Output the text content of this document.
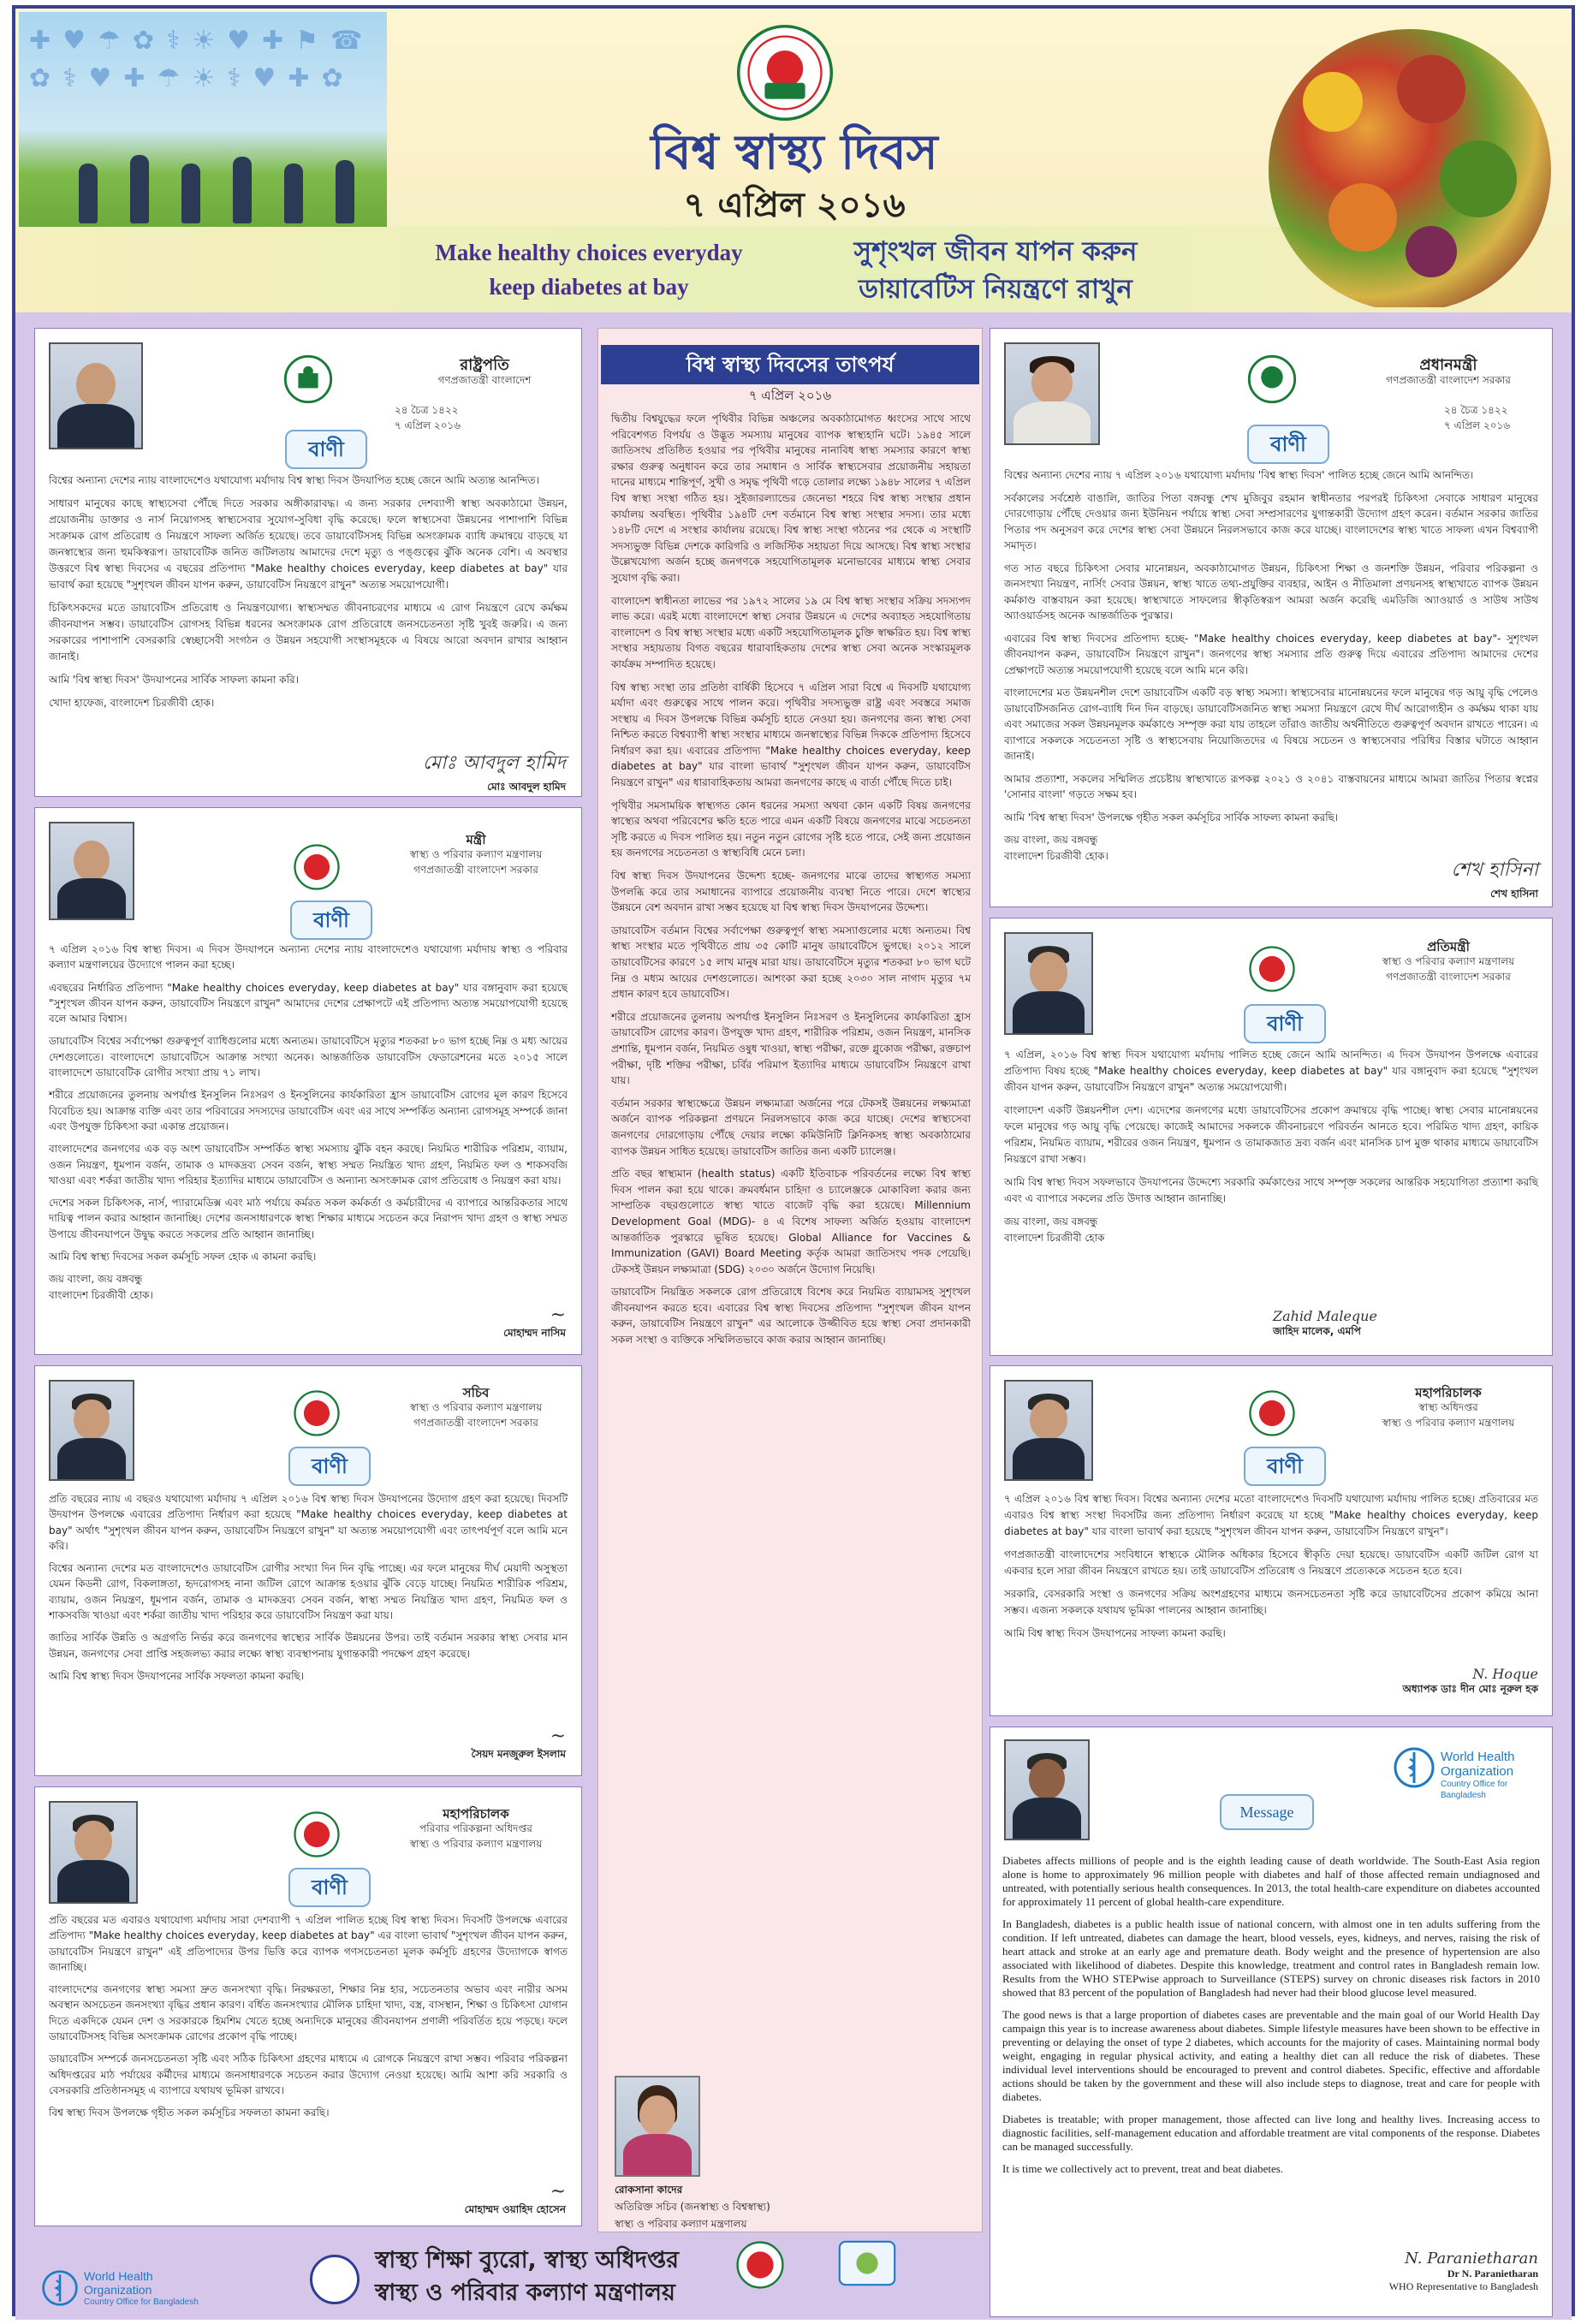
✚♥☂✿⚕☀♥✚⚑☎✿⚕♥✚☂☀⚕♥✚✿
বিশ্ব স্বাস্থ্য দিবস
৭ এপ্রিল ২০১৬
Make healthy choices everyday
keep diabetes at bay
সুশৃংখল জীবন যাপন করুন
ডায়াবেটিস নিয়ন্ত্রণে রাখুন
রাষ্ট্রপতি
গণপ্রজাতন্ত্রী বাংলাদেশ
২৪ চৈত্র ১৪২২
৭ এপ্রিল ২০১৬
বাণী

বিশ্বের অন্যান্য দেশের ন্যায় বাংলাদেশেও যথাযোগ্য মর্যাদায় বিশ্ব স্বাস্থ্য দিবস উদযাপিত হচ্ছে জেনে আমি অত্যন্ত আনন্দিত।

সাধারণ মানুষের কাছে স্বাস্থ্যসেবা পৌঁছে দিতে সরকার অঙ্গীকারাবদ্ধ। এ জন্য সরকার দেশব্যাপী স্বাস্থ্য অবকাঠামো উন্নয়ন, প্রয়োজনীয় ডাক্তার ও নার্স নিয়োগসহ স্বাস্থ্যসেবার সুযোগ-সুবিধা বৃদ্ধি করেছে। ফলে স্বাস্থ্যসেবা উন্নয়নের পাশাপাশি বিভিন্ন সংক্রামক রোগ প্রতিরোধ ও নিয়ন্ত্রণে সাফল্য অর্জিত হয়েছে। তবে ডায়াবেটিসসহ বিভিন্ন অসংক্রামক ব্যাধি ক্রমান্বয়ে বাড়ছে যা জনস্বাস্থ্যের জন্য হুমকিস্বরূপ। ডায়াবেটিক জনিত জটিলতায় আমাদের দেশে মৃত্যু ও পঙ্গুত্বের ঝুঁকি অনেক বেশি। এ অবস্থার উত্তরণে বিশ্ব স্বাস্থ্য দিবসের এ বছরের প্রতিপাদ্য "Make healthy choices everyday, keep diabetes at bay" যার ভাবার্থ করা হয়েছে "সুশৃংখল জীবন যাপন করুন, ডায়াবেটিস নিয়ন্ত্রণে রাখুন" অত্যন্ত সময়োপযোগী।

চিকিৎসকদের মতে ডায়াবেটিস প্রতিরোধ ও নিয়ন্ত্রণযোগ্য। স্বাস্থ্যসম্মত জীবনাচরণের মাধ্যমে এ রোগ নিয়ন্ত্রণে রেখে কর্মক্ষম জীবনযাপন সম্ভব। ডায়াবেটিস রোগসহ বিভিন্ন ধরনের অসংক্রামক রোগ প্রতিরোধে জনসচেতনতা সৃষ্টি খুবই জরুরি। এ জন্য সরকারের পাশাপাশি বেসরকারি স্বেচ্ছাসেবী সংগঠন ও উন্নয়ন সহযোগী সংস্থাসমূহকে এ বিষয়ে আরো অবদান রাখার আহ্বান জানাই।

আমি 'বিশ্ব স্বাস্থ্য দিবস' উদযাপনের সার্বিক সাফল্য কামনা করি।

খোদা হাফেজ, বাংলাদেশ চিরজীবী হোক।

মোঃ আবদুল হামিদ
মোঃ আবদুল হামিদ
বিশ্ব স্বাস্থ্য দিবসের তাৎপর্য
৭ এপ্রিল ২০১৬

দ্বিতীয় বিশ্বযুদ্ধের ফলে পৃথিবীর বিভিন্ন অঞ্চলের অবকাঠামোগত ধ্বংসের সাথে সাথে পরিবেশগত বিপর্যয় ও উদ্ভূত সমস্যায় মানুষের ব্যাপক স্বাস্থ্যহানি ঘটে। ১৯৪৫ সালে জাতিসংঘ প্রতিষ্ঠিত হওয়ার পর পৃথিবীর মানুষের নানাবিধ স্বাস্থ্য সমস্যার কারণে স্বাস্থ্য রক্ষার গুরুত্ব অনুধাবন করে তার সমাধান ও সার্বিক স্বাস্থ্যসেবার প্রয়োজনীয় সহায়তা দানের মাধ্যমে শান্তিপূর্ণ, সুখী ও সমৃদ্ধ পৃথিবী গড়ে তোলার লক্ষ্যে ১৯৪৮ সালের ৭ এপ্রিল বিশ্ব স্বাস্থ্য সংস্থা গঠিত হয়। সুইজারল্যান্ডের জেনেভা শহরে বিশ্ব স্বাস্থ্য সংস্থার প্রধান কার্যালয় অবস্থিত। পৃথিবীর ১৯৪টি দেশ বর্তমানে বিশ্ব স্বাস্থ্য সংস্থার সদস্য। তার মধ্যে ১৪৮টি দেশে এ সংস্থার কার্যালয় রয়েছে। বিশ্ব স্বাস্থ্য সংস্থা গঠনের পর থেকে এ সংস্থাটি সদস্যভুক্ত বিভিন্ন দেশকে কারিগরি ও লজিস্টিক সহায়তা দিয়ে আসছে। বিশ্ব স্বাস্থ্য সংস্থার উল্লেখযোগ্য অর্জন হচ্ছে জনগণকে সহযোগিতামূলক মনোভাবের মাধ্যমে স্বাস্থ্য সেবার সুযোগ বৃদ্ধি করা।

বাংলাদেশ স্বাধীনতা লাভের পর ১৯৭২ সালের ১৯ মে বিশ্ব স্বাস্থ্য সংস্থার সক্রিয় সদস্যপদ লাভ করে। এরই মধ্যে বাংলাদেশে স্বাস্থ্য সেবার উন্নয়নে এ দেশের অব্যাহত সহযোগিতায় বাংলাদেশ ও বিশ্ব স্বাস্থ্য সংস্থার মধ্যে একটি সহযোগিতামূলক চুক্তি স্বাক্ষরিত হয়। বিশ্ব স্বাস্থ্য সংস্থার সহায়তায় বিগত বছরের ধারাবাহিকতায় দেশের স্বাস্থ্য সেবা অনেক সংস্কারমূলক কার্যক্রম সম্পাদিত হয়েছে।

বিশ্ব স্বাস্থ্য সংস্থা তার প্রতিষ্ঠা বার্ষিকী হিসেবে ৭ এপ্রিল সারা বিশ্বে এ দিবসটি যথাযোগ্য মর্যাদা এবং গুরুত্বের সাথে পালন করে। পৃথিবীর সদস্যভুক্ত রাষ্ট্র এবং সবস্তরে সমাজ সংস্থায় এ দিবস উপলক্ষে বিভিন্ন কর্মসূচি হাতে নেওয়া হয়। জনগণের জন্য স্বাস্থ্য সেবা নিশ্চিত করতে বিশ্বব্যাপী স্বাস্থ্য সংস্থার মাধ্যমে জনস্বাস্থ্যের বিভিন্ন দিককে প্রতিপাদ্য হিসেবে নির্ধারণ করা হয়। এবারের প্রতিপাদ্য "Make healthy choices everyday, keep diabetes at bay" যার বাংলা ভাবার্থ "সুশৃংখল জীবন যাপন করুন, ডায়াবেটিস নিয়ন্ত্রণে রাখুন" এর ধারাবাহিকতায় আমরা জনগণের কাছে এ বার্তা পৌঁছে দিতে চাই।

পৃথিবীর সমসাময়িক স্বাস্থ্যগত কোন ধরনের সমস্যা অথবা কোন একটি বিষয় জনগণের স্বাস্থ্যের অথবা পরিবেশের ক্ষতি হতে পারে এমন একটি বিষয়ে জনগণের মাঝে সচেতনতা সৃষ্টি করতে এ দিবস পালিত হয়। নতুন নতুন রোগের সৃষ্টি হতে পারে, সেই জন্য প্রয়োজন হয় জনগণের সচেতনতা ও স্বাস্থ্যবিধি মেনে চলা।

বিশ্ব স্বাস্থ্য দিবস উদযাপনের উদ্দেশ্য হচ্ছে- জনগণের মাঝে তাদের স্বাস্থ্যগত সমস্যা উপলব্ধি করে তার সমাধানের ব্যাপারে প্রয়োজনীয় ব্যবস্থা নিতে পারে। দেশে স্বাস্থ্যের উন্নয়নে বেশ অবদান রাখা সম্ভব হয়েছে যা বিশ্ব স্বাস্থ্য দিবস উদযাপনের উদ্দেশ্য।

ডায়াবেটিস বর্তমান বিশ্বের সর্বাপেক্ষা গুরুত্বপূর্ণ স্বাস্থ্য সমস্যাগুলোর মধ্যে অন্যতম। বিশ্ব স্বাস্থ্য সংস্থার মতে পৃথিবীতে প্রায় ৩৫ কোটি মানুষ ডায়াবেটিসে ভুগছে। ২০১২ সালে ডায়াবেটিসের কারণে ১৫ লাখ মানুষ মারা যায়। ডায়াবেটিসে মৃত্যুর শতকরা ৮০ ভাগ ঘটে নিম্ন ও মধ্যম আয়ের দেশগুলোতে। আশংকা করা হচ্ছে ২০৩০ সাল নাগাদ মৃত্যুর ৭ম প্রধান কারণ হবে ডায়াবেটিস।

শরীরে প্রয়োজনের তুলনায় অপর্যাপ্ত ইনসুলিন নিঃসরণ ও ইনসুলিনের কার্যকারিতা হ্রাস ডায়াবেটিস রোগের কারণ। উপযুক্ত খাদ্য গ্রহণ, শারীরিক পরিশ্রম, ওজন নিয়ন্ত্রণ, মানসিক প্রশান্তি, ধূমপান বর্জন, নিয়মিত ওষুধ খাওয়া, স্বাস্থ্য পরীক্ষা, রক্তে গ্লুকোজ পরীক্ষা, রক্তচাপ পরীক্ষা, দৃষ্টি শক্তির পরীক্ষা, চর্বির পরিমাপ ইত্যাদির মাধ্যমে ডায়াবেটিস নিয়ন্ত্রণে রাখা যায়।

বর্তমান সরকার স্বাস্থ্যক্ষেত্রে উন্নয়ন লক্ষ্যমাত্রা অর্জনের পরে টেকসই উন্নয়নের লক্ষ্যমাত্রা অর্জনে ব্যাপক পরিকল্পনা প্রণয়নে নিরলসভাবে কাজ করে যাচ্ছে। দেশের স্বাস্থ্যসেবা জনগণের দোরগোড়ায় পৌঁছে দেয়ার লক্ষ্যে কমিউনিটি ক্লিনিকসহ স্বাস্থ্য অবকাঠামোর ব্যাপক উন্নয়ন সাধিত হয়েছে। ডায়াবেটিস জাতির জন্য একটি চ্যালেঞ্জ।

প্রতি বছর স্বাস্থ্যমান (health status) একটি ইতিবাচক পরিবর্তনের লক্ষ্যে বিশ্ব স্বাস্থ্য দিবস পালন করা হয়ে থাকে। ক্রমবর্ধমান চাহিদা ও চ্যালেঞ্জকে মোকাবিলা করার জন্য সাম্প্রতিক বছরগুলোতে স্বাস্থ্য খাতে বাজেট বৃদ্ধি করা হয়েছে। Millennium Development Goal (MDG)- ৪ এ বিশেষ সাফল্য অর্জিত হওয়ায় বাংলাদেশ আন্তর্জাতিক পুরস্কারে ভূষিত হয়েছে। Global Alliance for Vaccines & Immunization (GAVI) Board Meeting কর্তৃক আমরা জাতিসংঘ পদক পেয়েছি। টেকসই উন্নয়ন লক্ষ্যমাত্রা (SDG) ২০৩০ অর্জনে উদ্যোগ নিয়েছি।

ডায়াবেটিস নিয়ন্ত্রিত সকলকে রোগ প্রতিরোধে বিশেষ করে নিয়মিত ব্যায়ামসহ সুশৃংখল জীবনযাপন করতে হবে। এবারের বিশ্ব স্বাস্থ্য দিবসের প্রতিপাদ্য "সুশৃংখল জীবন যাপন করুন, ডায়াবেটিস নিয়ন্ত্রণে রাখুন" এর আলোকে উজ্জীবিত হয়ে স্বাস্থ্য সেবা প্রদানকারী সকল সংস্থা ও ব্যক্তিকে সম্মিলিতভাবে কাজ করার আহ্বান জানাচ্ছি।

রোকসানা কাদের
অতিরিক্ত সচিব (জনস্বাস্থ্য ও বিশ্বস্বাস্থ্য)
স্বাস্থ্য ও পরিবার কল্যাণ মন্ত্রণালয়
প্রধানমন্ত্রী
গণপ্রজাতন্ত্রী বাংলাদেশ সরকার
২৪ চৈত্র ১৪২২
৭ এপ্রিল ২০১৬
বাণী

বিশ্বের অন্যান্য দেশের ন্যায় ৭ এপ্রিল ২০১৬ যথাযোগ্য মর্যাদায় 'বিশ্ব স্বাস্থ্য দিবস' পালিত হচ্ছে জেনে আমি আনন্দিত।

সর্বকালের সর্বশ্রেষ্ঠ বাঙালি, জাতির পিতা বঙ্গবন্ধু শেখ মুজিবুর রহমান স্বাধীনতার পরপরই চিকিৎসা সেবাকে সাধারণ মানুষের দোরগোড়ায় পৌঁছে দেওয়ার জন্য ইউনিয়ন পর্যায়ে স্বাস্থ্য সেবা সম্প্রসারণের যুগান্তকারী উদ্যোগ গ্রহণ করেন। বর্তমান সরকার জাতির পিতার পদ অনুসরণ করে দেশের স্বাস্থ্য সেবা উন্নয়নে নিরলসভাবে কাজ করে যাচ্ছে। বাংলাদেশের স্বাস্থ্য খাতে সাফল্য এখন বিশ্বব্যাপী সমাদৃত।

গত সাত বছরে চিকিৎসা সেবার মানোন্নয়ন, অবকাঠামোগত উন্নয়ন, চিকিৎসা শিক্ষা ও জনশক্তি উন্নয়ন, পরিবার পরিকল্পনা ও জনসংখ্যা নিয়ন্ত্রণ, নার্সিং সেবার উন্নয়ন, স্বাস্থ্য খাতে তথ্য-প্রযুক্তির ব্যবহার, আইন ও নীতিমালা প্রণয়নসহ স্বাস্থ্যখাতে ব্যাপক উন্নয়ন কর্মকাণ্ড বাস্তবায়ন করা হয়েছে। স্বাস্থ্যখাতে সাফল্যের স্বীকৃতিস্বরূপ আমরা অর্জন করেছি এমডিজি অ্যাওয়ার্ড ও সাউথ সাউথ অ্যাওয়ার্ডসহ অনেক আন্তর্জাতিক পুরস্কার।

এবারের বিশ্ব স্বাস্থ্য দিবসের প্রতিপাদ্য হচ্ছে- "Make healthy choices everyday, keep diabetes at bay"- সুশৃংখল জীবনযাপন করুন, ডায়াবেটিস নিয়ন্ত্রণে রাখুন"। জনগণের স্বাস্থ্য সমস্যার প্রতি গুরুত্ব দিয়ে এবারের প্রতিপাদ্য আমাদের দেশের প্রেক্ষাপটে অত্যন্ত সময়োপযোগী হয়েছে বলে আমি মনে করি।

বাংলাদেশের মত উন্নয়নশীল দেশে ডায়াবেটিস একটি বড় স্বাস্থ্য সমস্যা। স্বাস্থ্যসেবার মানোন্নয়নের ফলে মানুষের গড় আয়ু বৃদ্ধি পেলেও ডায়াবেটিসজনিত রোগ-ব্যাধি দিন দিন বাড়ছে। ডায়াবেটিসজনিত স্বাস্থ্য সমস্যা নিয়ন্ত্রণে রেখে দীর্ঘ আরোগ্যহীন ও কর্মক্ষম থাকা যায় এবং সমাজের সকল উন্নয়নমূলক কর্মকাণ্ডে সম্পৃক্ত করা যায় তাহলে তাঁরাও জাতীয় অর্থনীতিতে গুরুত্বপূর্ণ অবদান রাখতে পারেন। এ ব্যাপারে সকলকে সচেতনতা সৃষ্টি ও স্বাস্থ্যসেবায় নিয়োজিতদের এ বিষয়ে সচেতন ও স্বাস্থ্যসেবার পরিধির বিস্তার ঘটাতে আহ্বান জানাই।

আমার প্রত্যাশা, সকলের সম্মিলিত প্রচেষ্টায় স্বাস্থ্যখাতে রূপকল্প ২০২১ ও ২০৪১ বাস্তবায়নের মাধ্যমে আমরা জাতির পিতার স্বপ্নের 'সোনার বাংলা' গড়তে সক্ষম হব।

আমি 'বিশ্ব স্বাস্থ্য দিবস' উপলক্ষে গৃহীত সকল কর্মসূচির সার্বিক সাফল্য কামনা করছি।

জয় বাংলা, জয় বঙ্গবন্ধু

বাংলাদেশ চিরজীবী হোক।

শেখ হাসিনা
শেখ হাসিনা
মন্ত্রী
স্বাস্থ্য ও পরিবার কল্যাণ মন্ত্রণালয়
গণপ্রজাতন্ত্রী বাংলাদেশ সরকার
বাণী

৭ এপ্রিল ২০১৬ বিশ্ব স্বাস্থ্য দিবস। এ দিবস উদযাপনে অন্যান্য দেশের ন্যায় বাংলাদেশেও যথাযোগ্য মর্যাদায় স্বাস্থ্য ও পরিবার কল্যাণ মন্ত্রণালয়ের উদ্যোগে পালন করা হচ্ছে।

এবছরের নির্ধারিত প্রতিপাদ্য "Make healthy choices everyday, keep diabetes at bay" যার বঙ্গানুবাদ করা হয়েছে "সুশৃংখল জীবন যাপন করুন, ডায়াবেটিস নিয়ন্ত্রণে রাখুন" আমাদের দেশের প্রেক্ষাপটে এই প্রতিপাদ্য অত্যন্ত সময়োপযোগী হয়েছে বলে আমার বিশ্বাস।

ডায়াবেটিস বিশ্বের সর্বাপেক্ষা গুরুত্বপূর্ণ ব্যাধিগুলোর মধ্যে অন্যতম। ডায়াবেটিসে মৃত্যুর শতকরা ৮০ ভাগ হচ্ছে নিম্ন ও মধ্য আয়ের দেশগুলোতে। বাংলাদেশে ডায়াবেটিসে আক্রান্ত সংখ্যা অনেক। আন্তর্জাতিক ডায়াবেটিস ফেডারেশনের মতে ২০১৫ সালে বাংলাদেশে ডায়াবেটিক রোগীর সংখ্যা প্রায় ৭১ লাখ।

শরীরে প্রয়োজনের তুলনায় অপর্যাপ্ত ইনসুলিন নিঃসরণ ও ইনসুলিনের কার্যকারিতা হ্রাস ডায়াবেটিস রোগের মূল কারণ হিসেবে বিবেচিত হয়। আক্রান্ত ব্যক্তি এবং তার পরিবারের সদস্যদের ডায়াবেটিস এবং এর সাথে সম্পর্কিত অন্যান্য রোগসমূহ সম্পর্কে জানা এবং উপযুক্ত চিকিৎসা করা একান্ত প্রয়োজন।

বাংলাদেশের জনগণের এক বড় অংশ ডায়াবেটিস সম্পর্কিত স্বাস্থ্য সমস্যায় ঝুঁকি বহন করছে। নিয়মিত শারীরিক পরিশ্রম, ব্যায়াম, ওজন নিয়ন্ত্রণ, ধূমপান বর্জন, তামাক ও মাদকদ্রব্য সেবন বর্জন, স্বাস্থ্য সম্মত নিয়ন্ত্রিত খাদ্য গ্রহণ, নিয়মিত ফল ও শাকসবজি খাওয়া এবং শর্করা জাতীয় খাদ্য পরিহার ইত্যাদির মাধ্যমে ডায়াবেটিস ও অন্যান্য অসংক্রামক রোগ প্রতিরোধ ও নিয়ন্ত্রণ করা যায়।

দেশের সকল চিকিৎসক, নার্স, প্যারামেডিক্স এবং মাঠ পর্যায়ে কর্মরত সকল কর্মকর্তা ও কর্মচারীদের এ ব্যাপারে আন্তরিকতার সাথে দায়িত্ব পালন করার আহ্বান জানাচ্ছি। দেশের জনসাধারণকে স্বাস্থ্য শিক্ষার মাধ্যমে সচেতন করে নিরাপদ খাদ্য গ্রহণ ও স্বাস্থ্য সম্মত উপায়ে জীবনযাপনে উদ্বুদ্ধ করতে সকলের প্রতি আহ্বান জানাচ্ছি।

আমি বিশ্ব স্বাস্থ্য দিবসের সকল কর্মসূচি সফল হোক এ কামনা করছি।

জয় বাংলা, জয় বঙ্গবন্ধু

বাংলাদেশ চিরজীবী হোক।

~
মোহাম্মদ নাসিম
প্রতিমন্ত্রী
স্বাস্থ্য ও পরিবার কল্যাণ মন্ত্রণালয়
গণপ্রজাতন্ত্রী বাংলাদেশ সরকার
বাণী

৭ এপ্রিল, ২০১৬ বিশ্ব স্বাস্থ্য দিবস যথাযোগ্য মর্যাদায় পালিত হচ্ছে জেনে আমি আনন্দিত। এ দিবস উদযাপন উপলক্ষে এবারের প্রতিপাদ্য বিষয় হচ্ছে "Make healthy choices everyday, keep diabetes at bay" যার বঙ্গানুবাদ করা হয়েছে "সুশৃংখল জীবন যাপন করুন, ডায়াবেটিস নিয়ন্ত্রণে রাখুন" অত্যন্ত সময়োপযোগী।

বাংলাদেশ একটি উন্নয়নশীল দেশ। এদেশের জনগণের মধ্যে ডায়াবেটিসের প্রকোপ ক্রমান্বয়ে বৃদ্ধি পাচ্ছে। স্বাস্থ্য সেবার মানোন্নয়নের ফলে মানুষের গড় আয়ু বৃদ্ধি পেয়েছে। কাজেই আমাদের সকলকে জীবনাচরণে পরিবর্তন আনতে হবে। পরিমিত খাদ্য গ্রহণ, কায়িক পরিশ্রম, নিয়মিত ব্যায়াম, শরীরের ওজন নিয়ন্ত্রণ, ধূমপান ও তামাকজাত দ্রব্য বর্জন এবং মানসিক চাপ মুক্ত থাকার মাধ্যমে ডায়াবেটিস নিয়ন্ত্রণে রাখা সম্ভব।

আমি বিশ্ব স্বাস্থ্য দিবস সফলভাবে উদযাপনের উদ্দেশ্যে সরকারি কর্মকাণ্ডের সাথে সম্পৃক্ত সকলের আন্তরিক সহযোগিতা প্রত্যাশা করছি এবং এ ব্যাপারে সকলের প্রতি উদাত্ত আহ্বান জানাচ্ছি।

জয় বাংলা, জয় বঙ্গবন্ধু

বাংলাদেশ চিরজীবী হোক

Zahid Maleque
জাহিদ মালেক, এমপি
সচিব
স্বাস্থ্য ও পরিবার কল্যাণ মন্ত্রণালয়
গণপ্রজাতন্ত্রী বাংলাদেশ সরকার
বাণী

প্রতি বছরের ন্যায় এ বছরও যথাযোগ্য মর্যাদায় ৭ এপ্রিল ২০১৬ বিশ্ব স্বাস্থ্য দিবস উদযাপনের উদ্যোগ গ্রহণ করা হয়েছে। দিবসটি উদযাপন উপলক্ষে এবারের প্রতিপাদ্য নির্ধারণ করা হয়েছে "Make healthy choices everyday, keep diabetes at bay" অর্থাৎ "সুশৃংখল জীবন যাপন করুন, ডায়াবেটিস নিয়ন্ত্রণে রাখুন" যা অত্যন্ত সময়োপযোগী এবং তাৎপর্যপূর্ণ বলে আমি মনে করি।

বিশ্বের অন্যান্য দেশের মত বাংলাদেশেও ডায়াবেটিস রোগীর সংখ্যা দিন দিন বৃদ্ধি পাচ্ছে। এর ফলে মানুষের দীর্ঘ মেয়াদী অসুস্থতা যেমন কিডনী রোগ, বিকলাঙ্গতা, হৃদরোগসহ নানা জটিল রোগে আক্রান্ত হওয়ার ঝুঁকি বেড়ে যাচ্ছে। নিয়মিত শারীরিক পরিশ্রম, ব্যায়াম, ওজন নিয়ন্ত্রণ, ধূমপান বর্জন, তামাক ও মাদকদ্রব্য সেবন বর্জন, স্বাস্থ্য সম্মত নিয়ন্ত্রিত খাদ্য গ্রহণ, নিয়মিত ফল ও শাকসবজি খাওয়া এবং শর্করা জাতীয় খাদ্য পরিহার করে ডায়াবেটিস নিয়ন্ত্রণ করা যায়।

জাতির সার্বিক উন্নতি ও অগ্রগতি নির্ভর করে জনগণের স্বাস্থ্যের সার্বিক উন্নয়নের উপর। তাই বর্তমান সরকার স্বাস্থ্য সেবার মান উন্নয়ন, জনগণের সেবা প্রাপ্তি সহজলভ্য করার লক্ষ্যে স্বাস্থ্য ব্যবস্থাপনায় যুগান্তকারী পদক্ষেপ গ্রহণ করেছে।

আমি বিশ্ব স্বাস্থ্য দিবস উদযাপনের সার্বিক সফলতা কামনা করছি।

~
সৈয়দ মনজুরুল ইসলাম
মহাপরিচালক
স্বাস্থ্য অধিদপ্তর
স্বাস্থ্য ও পরিবার কল্যাণ মন্ত্রণালয়
বাণী

৭ এপ্রিল ২০১৬ বিশ্ব স্বাস্থ্য দিবস। বিশ্বের অন্যান্য দেশের মতো বাংলাদেশেও দিবসটি যথাযোগ্য মর্যাদায় পালিত হচ্ছে। প্রতিবারের মত এবারও বিশ্ব স্বাস্থ্য সংস্থা দিবসটির জন্য প্রতিপাদ্য নির্ধারণ করেছে যা হচ্ছে "Make healthy choices everyday, keep diabetes at bay" যার বাংলা ভাবার্থ করা হয়েছে "সুশৃংখল জীবন যাপন করুন, ডায়াবেটিস নিয়ন্ত্রণে রাখুন"।

গণপ্রজাতন্ত্রী বাংলাদেশের সংবিধানে স্বাস্থ্যকে মৌলিক অধিকার হিসেবে স্বীকৃতি দেয়া হয়েছে। ডায়াবেটিস একটি জটিল রোগ যা একবার হলে সারা জীবন নিয়ন্ত্রণে রাখতে হয়। তাই ডায়াবেটিস প্রতিরোধ ও নিয়ন্ত্রণে প্রত্যেককে সচেতন হতে হবে।

সরকারি, বেসরকারি সংস্থা ও জনগণের সক্রিয় অংশগ্রহণের মাধ্যমে জনসচেতনতা সৃষ্টি করে ডায়াবেটিসের প্রকোপ কমিয়ে আনা সম্ভব। এজন্য সকলকে যথাযথ ভূমিকা পালনের আহ্বান জানাচ্ছি।

আমি বিশ্ব স্বাস্থ্য দিবস উদযাপনের সাফল্য কামনা করছি।

N. Hoque
অধ্যাপক ডাঃ দীন মোঃ নূরুল হক
মহাপরিচালক
পরিবার পরিকল্পনা অধিদপ্তর
স্বাস্থ্য ও পরিবার কল্যাণ মন্ত্রণালয়
বাণী

প্রতি বছরের মত এবারও যথাযোগ্য মর্যাদায় সারা দেশব্যাপী ৭ এপ্রিল পালিত হচ্ছে বিশ্ব স্বাস্থ্য দিবস। দিবসটি উপলক্ষে এবারের প্রতিপাদ্য "Make healthy choices everyday, keep diabetes at bay" এর বাংলা ভাবার্থ "সুশৃংখল জীবন যাপন করুন, ডায়াবেটিস নিয়ন্ত্রণে রাখুন" এই প্রতিপাদ্যের উপর ভিত্তি করে ব্যাপক গণসচেতনতা মূলক কর্মসূচি গ্রহণের উদ্যোগকে স্বাগত জানাচ্ছি।

বাংলাদেশের জনগণের স্বাস্থ্য সমস্যা দ্রুত জনসংখ্যা বৃদ্ধি। নিরক্ষরতা, শিক্ষার নিম্ন হার, সচেতনতার অভাব এবং নারীর অসম অবস্থান অসচেতন জনসংখ্যা বৃদ্ধির প্রধান কারণ। বর্ধিত জনসংখ্যার মৌলিক চাহিদা খাদ্য, বস্ত্র, বাসস্থান, শিক্ষা ও চিকিৎসা যোগান দিতে একদিকে যেমন দেশ ও সরকারকে হিমশিম খেতে হচ্ছে অন্যদিকে মানুষের জীবনযাপন প্রণালী পরিবর্তিত হয়ে পড়ছে। ফলে ডায়াবেটিসসহ বিভিন্ন অসংক্রামক রোগের প্রকোপ বৃদ্ধি পাচ্ছে।

ডায়াবেটিস সম্পর্কে জনসচেতনতা সৃষ্টি এবং সঠিক চিকিৎসা গ্রহণের মাধ্যমে এ রোগকে নিয়ন্ত্রণে রাখা সম্ভব। পরিবার পরিকল্পনা অধিদপ্তরের মাঠ পর্যায়ের কর্মীদের মাধ্যমে জনসাধারণকে সচেতন করার উদ্যোগ নেওয়া হয়েছে। আমি আশা করি সরকারি ও বেসরকারি প্রতিষ্ঠানসমূহ এ ব্যাপারে যথাযথ ভূমিকা রাখবে।

বিশ্ব স্বাস্থ্য দিবস উপলক্ষে গৃহীত সকল কর্মসূচির সফলতা কামনা করছি।

~
মোহাম্মদ ওয়াহিদ হোসেন
Message
World Health
Organization
Country Office for Bangladesh

Diabetes affects millions of people and is the eighth leading cause of death worldwide. The South-East Asia region alone is home to approximately 96 million people with diabetes and half of those affected remain undiagnosed and untreated, with potentially serious health consequences. In 2013, the total health-care expenditure on diabetes accounted for approximately 11 percent of global health-care expenditure.

In Bangladesh, diabetes is a public health issue of national concern, with almost one in ten adults suffering from the condition. If left untreated, diabetes can damage the heart, blood vessels, eyes, kidneys, and nerves, raising the risk of heart attack and stroke at an early age and premature death. Body weight and the presence of hypertension are also associated with likelihood of diabetes. Despite this knowledge, treatment and control rates in Bangladesh remain low. Results from the WHO STEPwise approach to Surveillance (STEPS) survey on chronic diseases risk factors in 2010 showed that 83 percent of the population of Bangladesh had never had their blood glucose level measured.

The good news is that a large proportion of diabetes cases are preventable and the main goal of our World Health Day campaign this year is to increase awareness about diabetes. Simple lifestyle measures have been shown to be effective in preventing or delaying the onset of type 2 diabetes, which accounts for the majority of cases. Maintaining normal body weight, engaging in regular physical activity, and eating a healthy diet can all reduce the risk of diabetes. These individual level interventions should be encouraged to prevent and control diabetes. Specific, effective and affordable actions should be taken by the government and these will also include steps to diagnose, treat and care for people with diabetes.

Diabetes is treatable; with proper management, those affected can live long and healthy lives. Increasing access to diagnostic facilities, self-management education and affordable treatment are vital components of the response. Diabetes can be managed successfully.

It is time we collectively act to prevent, treat and beat diabetes.

N. Paranietharan
Dr N. Paranietharan
WHO Representative to Bangladesh
World Health
Organization
Country Office for Bangladesh
স্বাস্থ্য শিক্ষা ব্যুরো, স্বাস্থ্য অধিদপ্তর
স্বাস্থ্য ও পরিবার কল্যাণ মন্ত্রণালয়
